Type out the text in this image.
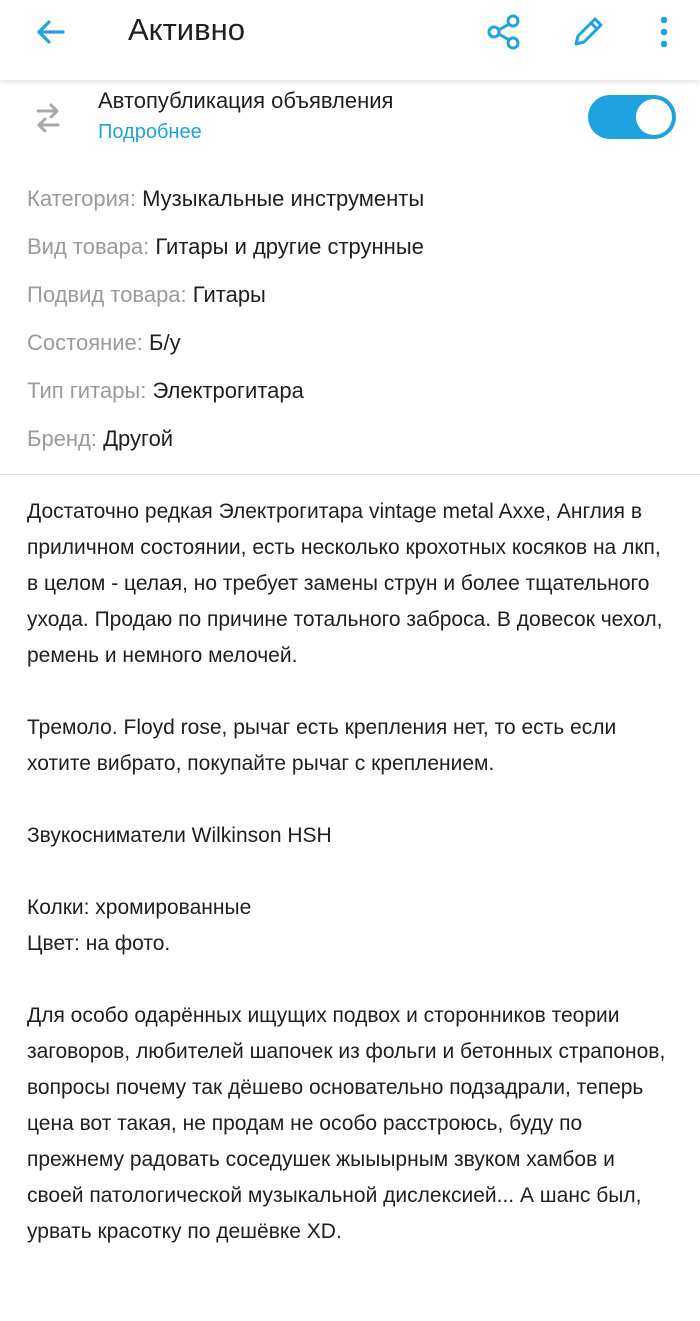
Активно
Автопубликация объявления
Подробнее
Категория: Музыкальные инструменты
Вид товара: Гитары и другие струнные
Подвид товара: Гитары
Состояние: Б/у
Тип гитары: Электрогитара
Бренд: Другой

Достаточно редкая Электрогитара vintage metal Axxe, Англия в приличном состоянии, есть несколько крохотных косяков на лкп, в целом - целая, но требует замены струн и более тщательного ухода. Продаю по причине тотального заброса. В довесок чехол, ремень и немного мелочей.

Тремоло. Floyd rose, рычаг есть крепления нет, то есть если хотите вибрато, покупайте рычаг с креплением.

Звукосниматели Wilkinson HSH

Колки: хромированные
Цвет: на фото.

Для особо одарённых ищущих подвох и сторонников теории заговоров, любителей шапочек из фольги и бетонных страпонов, вопросы почему так дёшево основательно подзадрали, теперь цена вот такая, не продам не особо расстроюсь, буду по прежнему радовать соседушек жыыырным звуком хамбов и своей патологической музыкальной дислексией... А шанс был, урвать красотку по дешёвке XD.
